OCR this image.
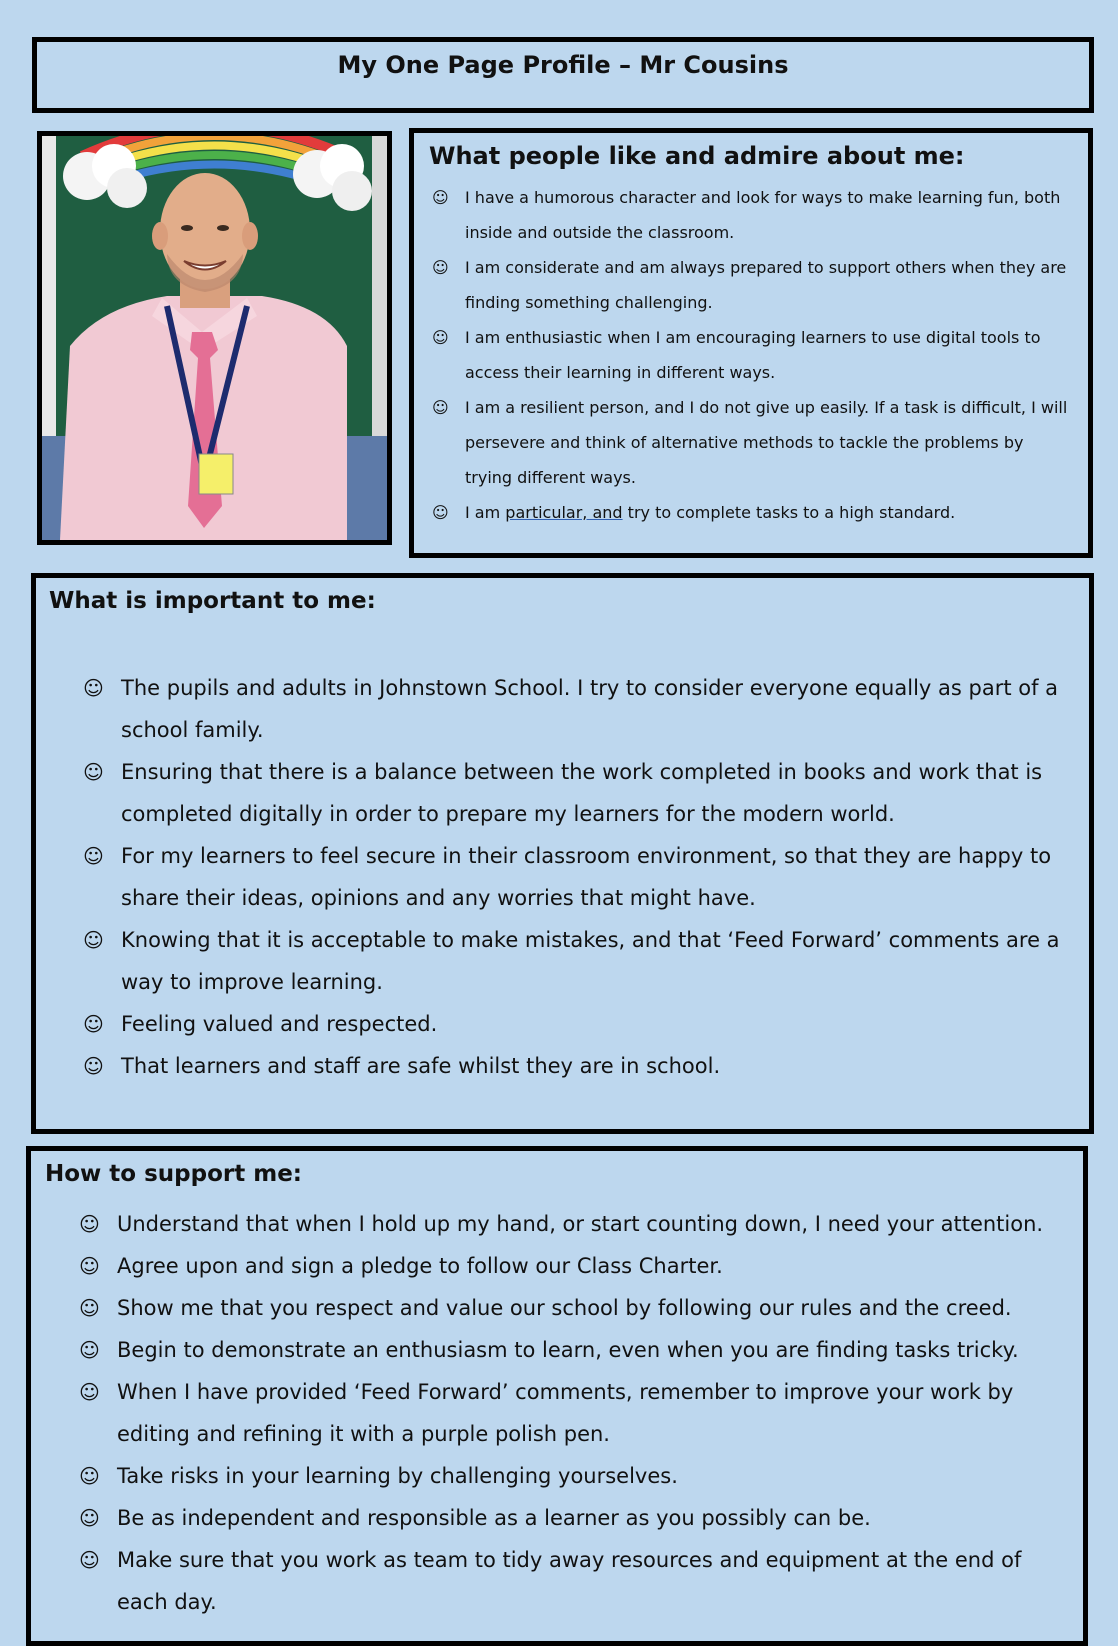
My One Page Profile – Mr Cousins

What people like and admire about me:

☺ I have a humorous character and look for ways to make learning fun, both inside and outside the classroom.
☺ I am considerate and am always prepared to support others when they are finding something challenging.
☺ I am enthusiastic when I am encouraging learners to use digital tools to access their learning in different ways.
☺ I am a resilient person, and I do not give up easily. If a task is difficult, I will persevere and think of alternative methods to tackle the problems by trying different ways.
☺ I am particular, and try to complete tasks to a high standard.

What is important to me:

☺ The pupils and adults in Johnstown School. I try to consider everyone equally as part of a school family.
☺ Ensuring that there is a balance between the work completed in books and work that is completed digitally in order to prepare my learners for the modern world.
☺ For my learners to feel secure in their classroom environment, so that they are happy to share their ideas, opinions and any worries that might have.
☺ Knowing that it is acceptable to make mistakes, and that ‘Feed Forward’ comments are a way to improve learning.
☺ Feeling valued and respected.
☺ That learners and staff are safe whilst they are in school.

How to support me:

☺ Understand that when I hold up my hand, or start counting down, I need your attention.
☺ Agree upon and sign a pledge to follow our Class Charter.
☺ Show me that you respect and value our school by following our rules and the creed.
☺ Begin to demonstrate an enthusiasm to learn, even when you are finding tasks tricky.
☺ When I have provided ‘Feed Forward’ comments, remember to improve your work by editing and refining it with a purple polish pen.
☺ Take risks in your learning by challenging yourselves.
☺ Be as independent and responsible as a learner as you possibly can be.
☺ Make sure that you work as team to tidy away resources and equipment at the end of each day.
